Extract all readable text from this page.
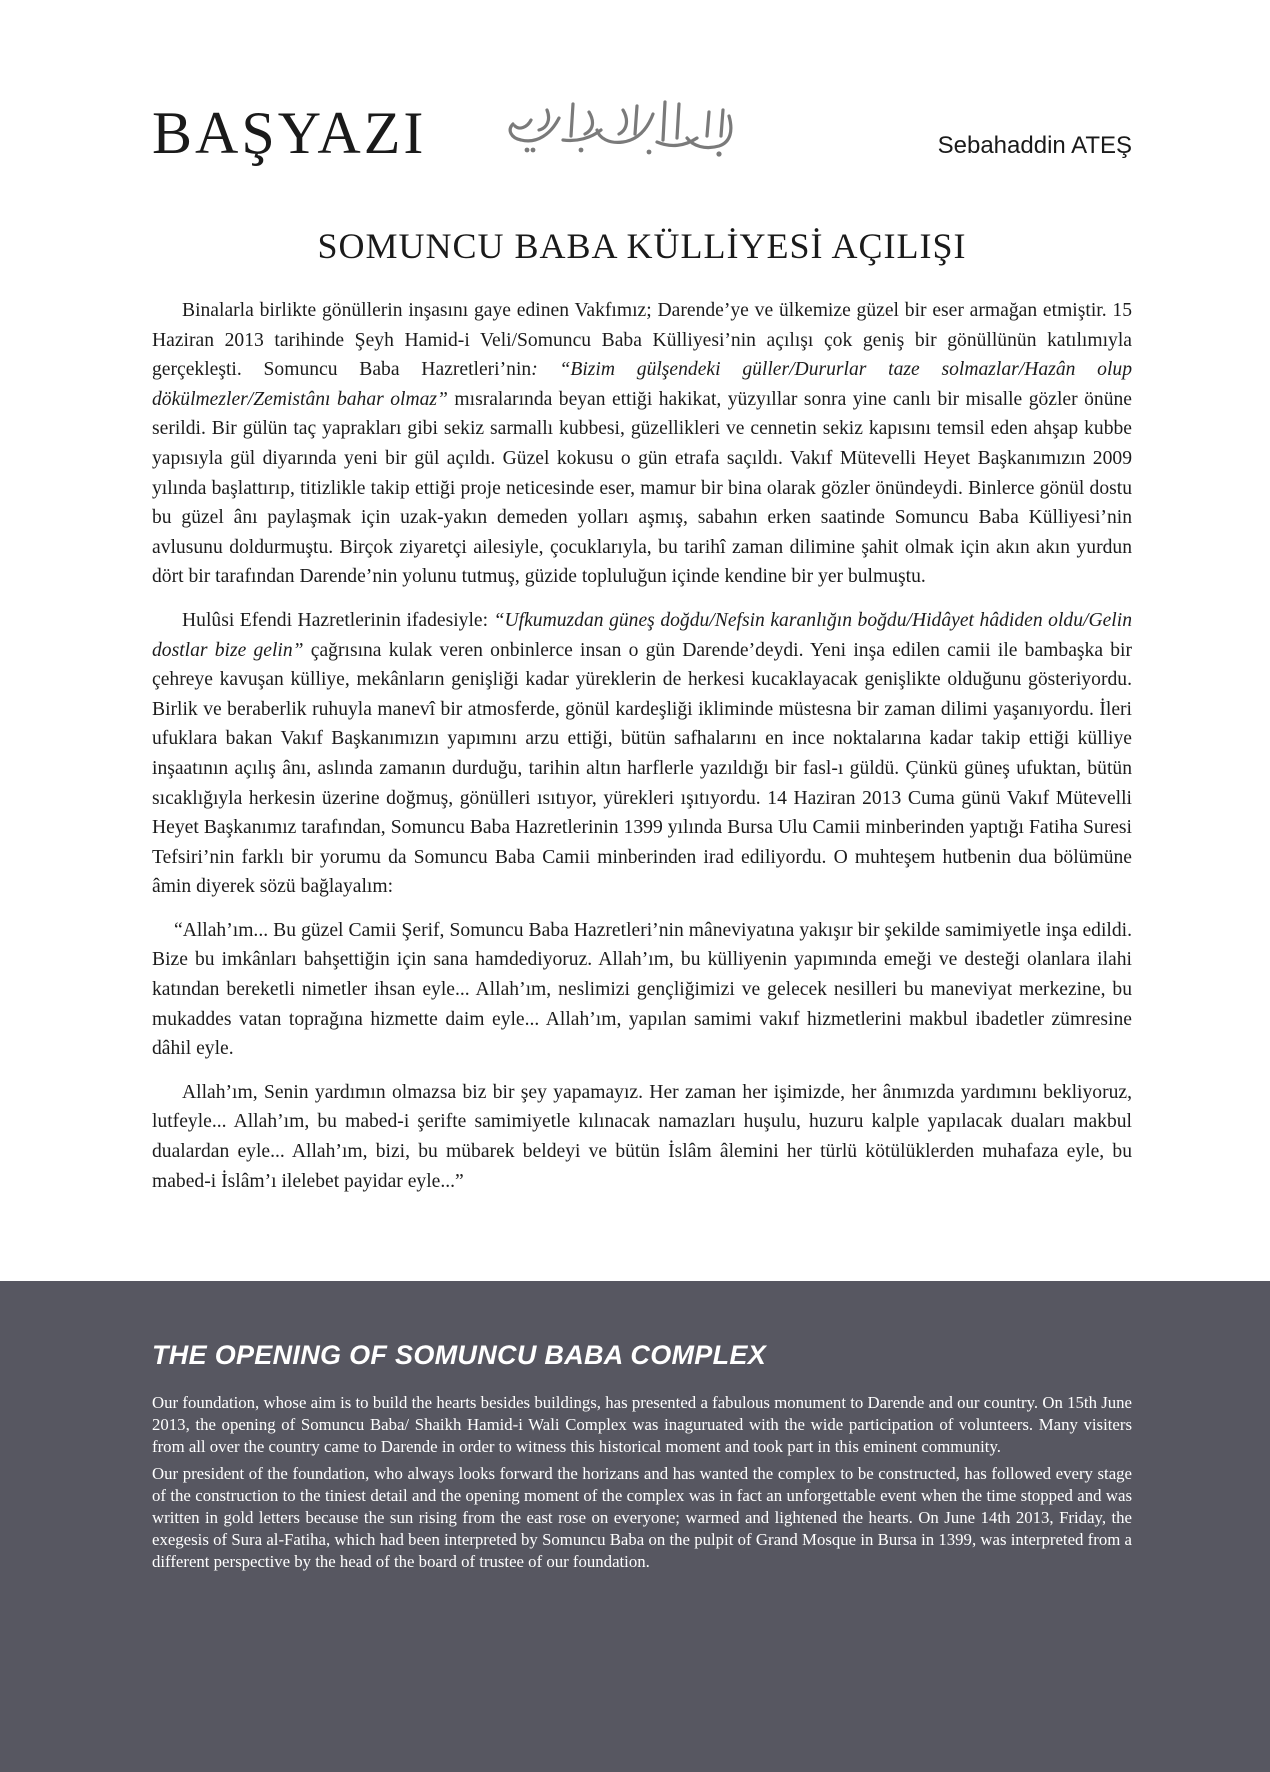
BAŞYAZI	Sebahaddin ATEŞ
SOMUNCU BABA KÜLLİYESİ AÇILIŞI

Binalarla birlikte gönüllerin inşasını gaye edinen Vakfımız; Darende’ye ve ülkemize güzel bir eser armağan etmiştir. 15 Haziran 2013 tarihinde Şeyh Hamid-i Veli/Somuncu Baba Külliyesi’nin açılışı çok geniş bir gönüllünün katılımıyla gerçekleşti. Somuncu Baba Hazretleri’nin: “Bizim gülşendeki güller/Dururlar taze solmazlar/Hazân olup dökülmezler/Zemistânı bahar olmaz” mısralarında beyan ettiği hakikat, yüzyıllar sonra yine canlı bir misalle gözler önüne serildi. Bir gülün taç yaprakları gibi sekiz sarmallı kubbesi, güzellikleri ve cennetin sekiz kapısını temsil eden ahşap kubbe yapısıyla gül diyarında yeni bir gül açıldı. Güzel kokusu o gün etrafa saçıldı. Vakıf Mütevelli Heyet Başkanımızın 2009 yılında başlattırıp, titizlikle takip ettiği proje neticesinde eser, mamur bir bina olarak gözler önündeydi. Binlerce gönül dostu bu güzel ânı paylaşmak için uzak-yakın demeden yolları aşmış, sabahın erken saatinde Somuncu Baba Külliyesi’nin avlusunu doldurmuştu. Birçok ziyaretçi ailesiyle, çocuklarıyla, bu tarihî zaman dilimine şahit olmak için akın akın yurdun dört bir tarafından Darende’nin yolunu tutmuş, güzide topluluğun içinde kendine bir yer bulmuştu.

Hulûsi Efendi Hazretlerinin ifadesiyle: “Ufkumuzdan güneş doğdu/Nefsin karanlığın boğdu/Hidâyet hâdiden oldu/Gelin dostlar bize gelin” çağrısına kulak veren onbinlerce insan o gün Darende’deydi. Yeni inşa edilen camii ile bambaşka bir çehreye kavuşan külliye, mekânların genişliği kadar yüreklerin de herkesi kucaklayacak genişlikte olduğunu gösteriyordu. Birlik ve beraberlik ruhuyla manevî bir atmosferde, gönül kardeşliği ikliminde müstesna bir zaman dilimi yaşanıyordu. İleri ufuklara bakan Vakıf Başkanımızın yapımını arzu ettiği, bütün safhalarını en ince noktalarına kadar takip ettiği külliye inşaatının açılış ânı, aslında zamanın durduğu, tarihin altın harflerle yazıldığı bir fasl-ı güldü. Çünkü güneş ufuktan, bütün sıcaklığıyla herkesin üzerine doğmuş, gönülleri ısıtıyor, yürekleri ışıtıyordu. 14 Haziran 2013 Cuma günü Vakıf Mütevelli Heyet Başkanımız tarafından, Somuncu Baba Hazretlerinin 1399 yılında Bursa Ulu Camii minberinden yaptığı Fatiha Suresi Tefsiri’nin farklı bir yorumu da Somuncu Baba Camii minberinden irad ediliyordu. O muhteşem hutbenin dua bölümüne âmin diyerek sözü bağlayalım:

“Allah’ım... Bu güzel Camii Şerif, Somuncu Baba Hazretleri’nin mâneviyatına yakışır bir şekilde samimiyetle inşa edildi. Bize bu imkânları bahşettiğin için sana hamdediyoruz. Allah’ım, bu külliyenin yapımında emeği ve desteği olanlara ilahi katından bereketli nimetler ihsan eyle... Allah’ım, neslimizi gençliğimizi ve gelecek nesilleri bu maneviyat merkezine, bu mukaddes vatan toprağına hizmette daim eyle... Allah’ım, yapılan samimi vakıf hizmetlerini makbul ibadetler zümresine dâhil eyle.

Allah’ım, Senin yardımın olmazsa biz bir şey yapamayız. Her zaman her işimizde, her ânımızda yardımını bekliyoruz, lutfeyle... Allah’ım, bu mabed-i şerifte samimiyetle kılınacak namazları huşulu, huzuru kalple yapılacak duaları makbul dualardan eyle... Allah’ım, bizi, bu mübarek beldeyi ve bütün İslâm âlemini her türlü kötülüklerden muhafaza eyle, bu mabed-i İslâm’ı ilelebet payidar eyle...”

THE OPENING OF SOMUNCU BABA COMPLEX

Our foundation, whose aim is to build the hearts besides buildings, has presented a fabulous monument to Darende and our country. On 15th June 2013, the opening of Somuncu Baba/ Shaikh Hamid-i Wali Complex was inaguruated with the wide participation of volunteers. Many visiters from all over the country came to Darende in order to witness this historical moment and took part in this eminent community.

Our president of the foundation, who always looks forward the horizans and has wanted the complex to be constructed, has followed every stage of the construction to the tiniest detail and the opening moment of the complex was in fact an unforgettable event when the time stopped and was written in gold letters because the sun rising from the east rose on everyone; warmed and lightened the hearts. On June 14th 2013, Friday, the exegesis of Sura al-Fatiha, which had been interpreted by Somuncu Baba on the pulpit of Grand Mosque in Bursa in 1399, was interpreted from a different perspective by the head of the board of trustee of our foundation.
